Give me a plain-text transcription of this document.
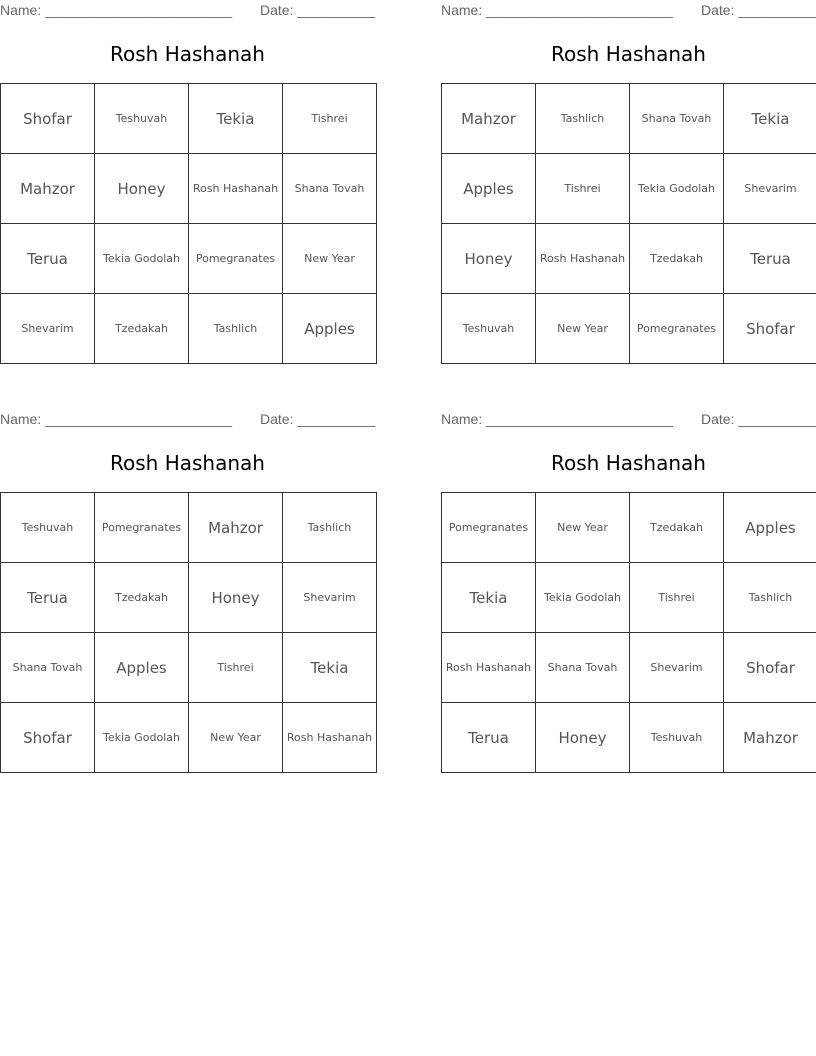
Name: ________________________ Date: __________
Rosh Hashanah
Shofar	Teshuvah	Tekia	Tishrei
Mahzor	Honey	Rosh Hashanah	Shana Tovah
Terua	Tekia Godolah	Pomegranates	New Year
Shevarim	Tzedakah	Tashlich	Apples
Name: ________________________ Date: __________
Rosh Hashanah
Mahzor	Tashlich	Shana Tovah	Tekia
Apples	Tishrei	Tekia Godolah	Shevarim
Honey	Rosh Hashanah	Tzedakah	Terua
Teshuvah	New Year	Pomegranates	Shofar
Name: ________________________ Date: __________
Rosh Hashanah
Teshuvah	Pomegranates	Mahzor	Tashlich
Terua	Tzedakah	Honey	Shevarim
Shana Tovah	Apples	Tishrei	Tekia
Shofar	Tekia Godolah	New Year	Rosh Hashanah
Name: ________________________ Date: __________
Rosh Hashanah
Pomegranates	New Year	Tzedakah	Apples
Tekia	Tekia Godolah	Tishrei	Tashlich
Rosh Hashanah	Shana Tovah	Shevarim	Shofar
Terua	Honey	Teshuvah	Mahzor
